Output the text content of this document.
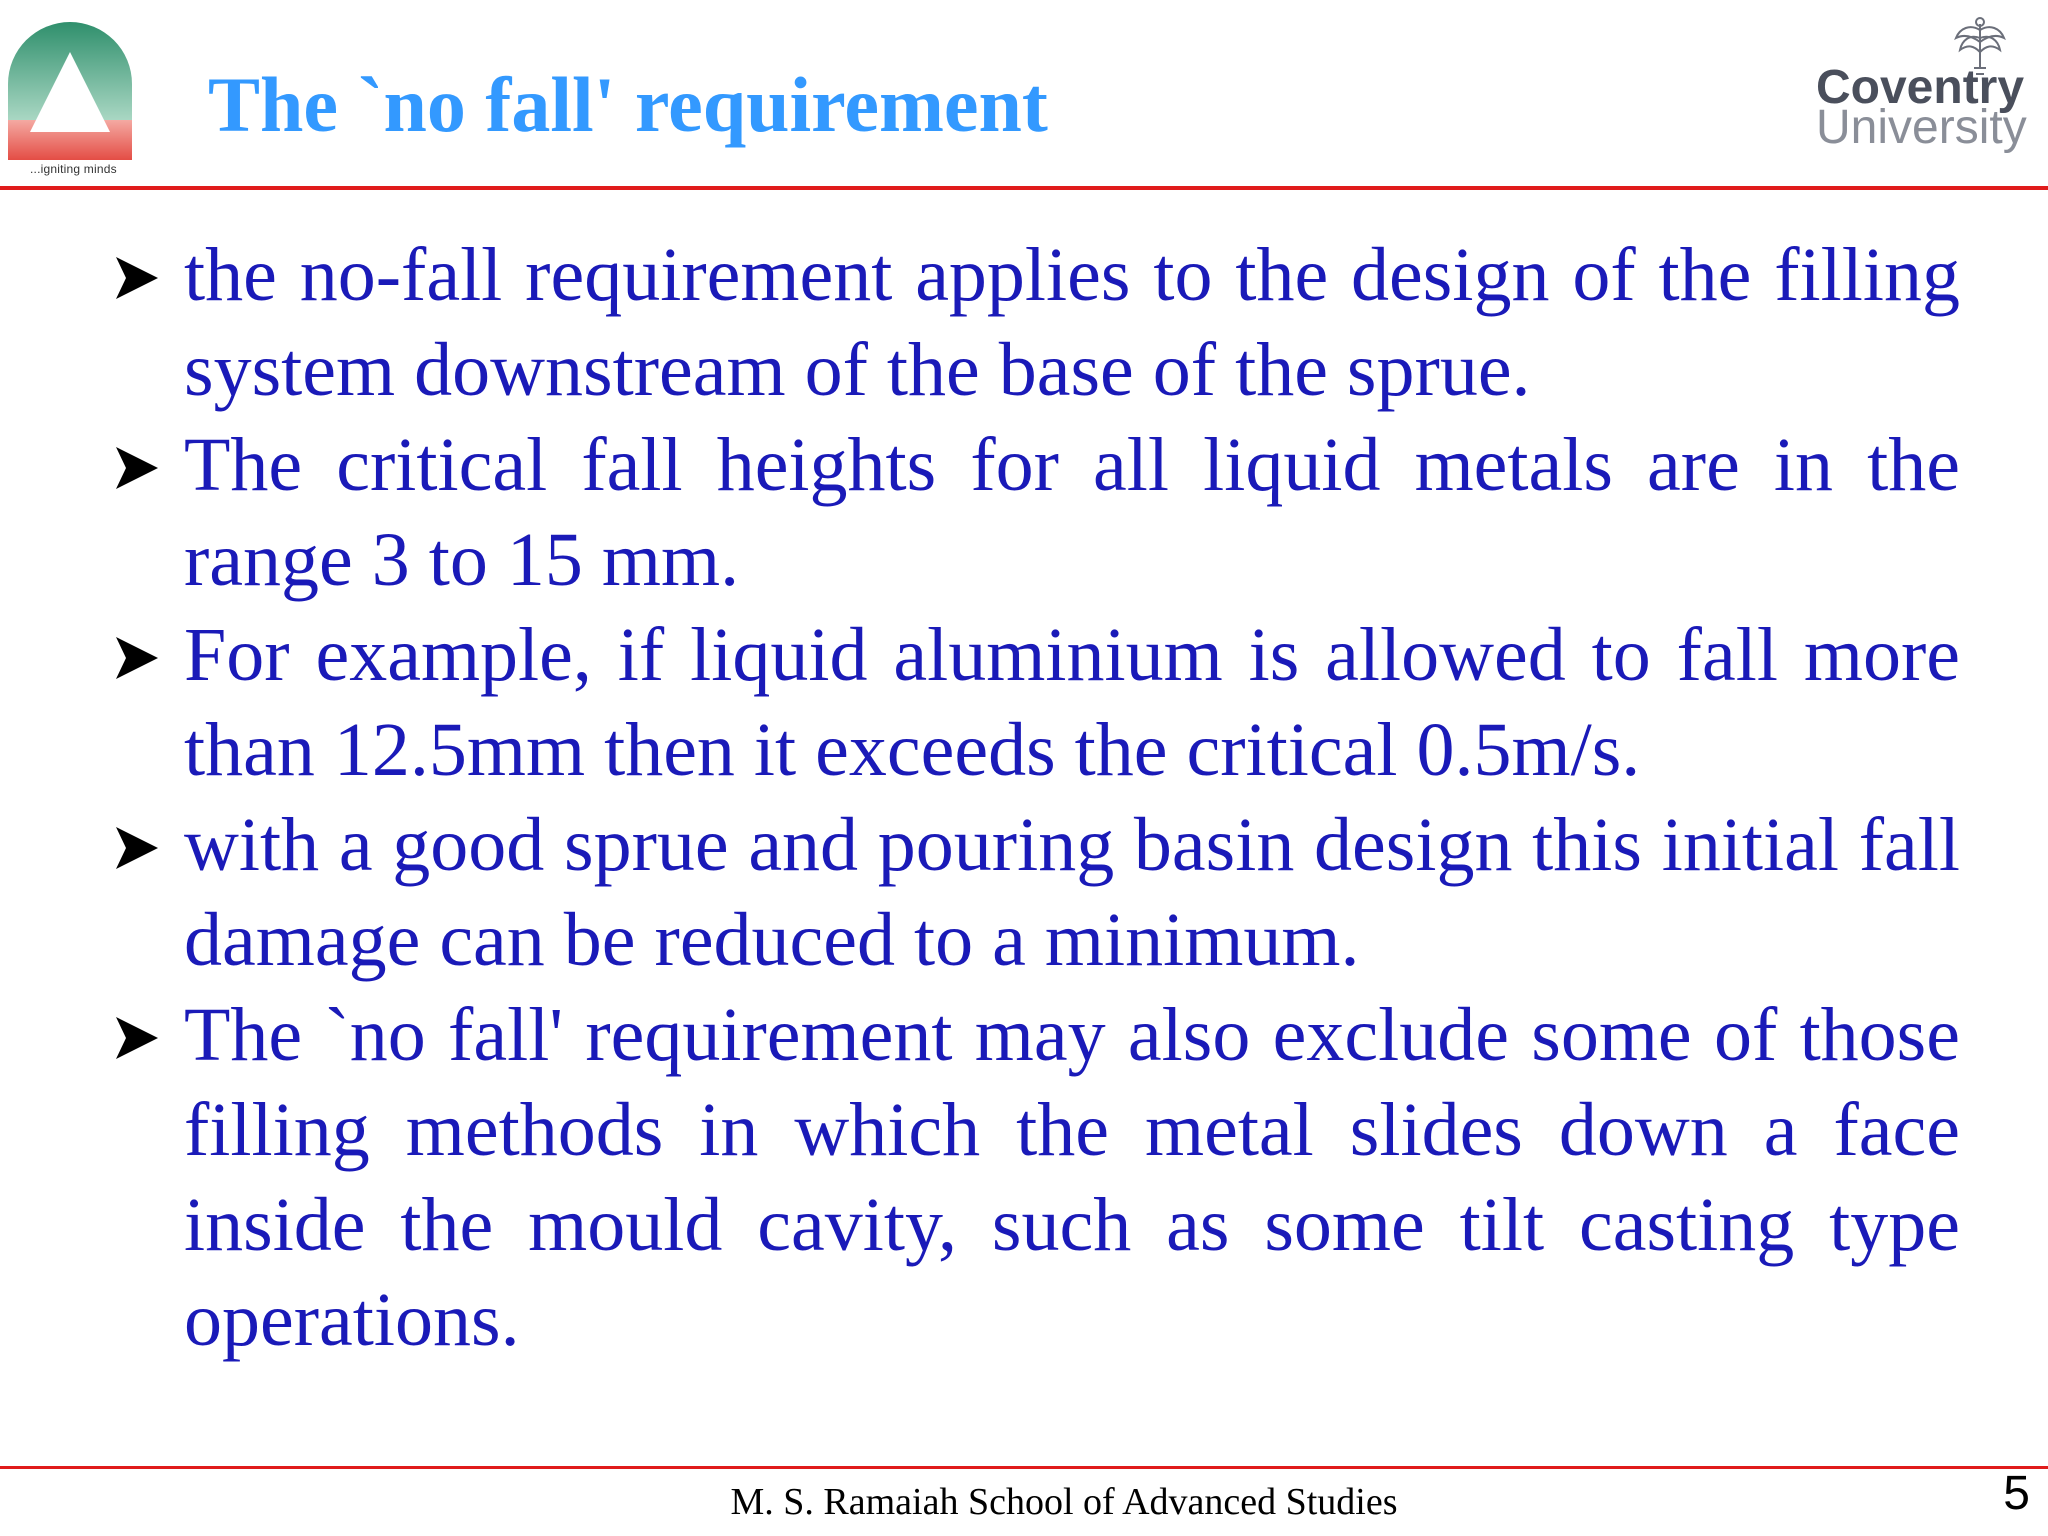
...igniting minds
The `no fall' requirement	Coventry
University
the no-fall requirement applies to the design of the filling system downstream of the base of the sprue.
The critical fall heights for all liquid metals are in the range 3 to 15 mm.
For example, if liquid aluminium is allowed to fall more than 12.5mm then it exceeds the critical 0.5m/s.
with a good sprue and pouring basin design this initial fall damage can be reduced to a minimum.
The `no fall' requirement may also exclude some of those filling methods in which the metal slides down a face inside the mould cavity, such as some tilt casting type operations.
M. S. Ramaiah School of Advanced Studies	5
